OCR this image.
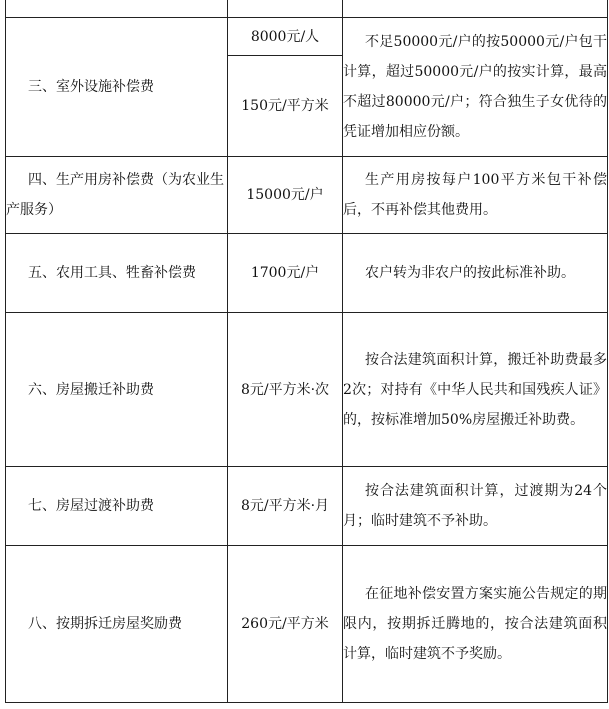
三、室外设施补偿费	8000元/人	不足50000元/户的按50000元/户包干计算，超过50000元/户的按实计算，最高不超过80000元/户；符合独生子女优待的凭证增加相应份额。

	150元/平方米	

四、生产用房补偿费（为农业生产服务）	15000元/户	生产用房按每户100平方米包干补偿后，不再补偿其他费用。

五、农用工具、牲畜补偿费	1700元/户	农户转为非农户的按此标准补助。

六、房屋搬迁补助费	8元/平方米·次	按合法建筑面积计算，搬迁补助费最多2次；对持有《中华人民共和国残疾人证》的，按标准增加50%房屋搬迁补助费。

七、房屋过渡补助费	8元/平方米·月	按合法建筑面积计算，过渡期为24个月；临时建筑不予补助。

八、按期拆迁房屋奖励费	260元/平方米	在征地补偿安置方案实施公告规定的期限内，按期拆迁腾地的，按合法建筑面积计算，临时建筑不予奖励。
